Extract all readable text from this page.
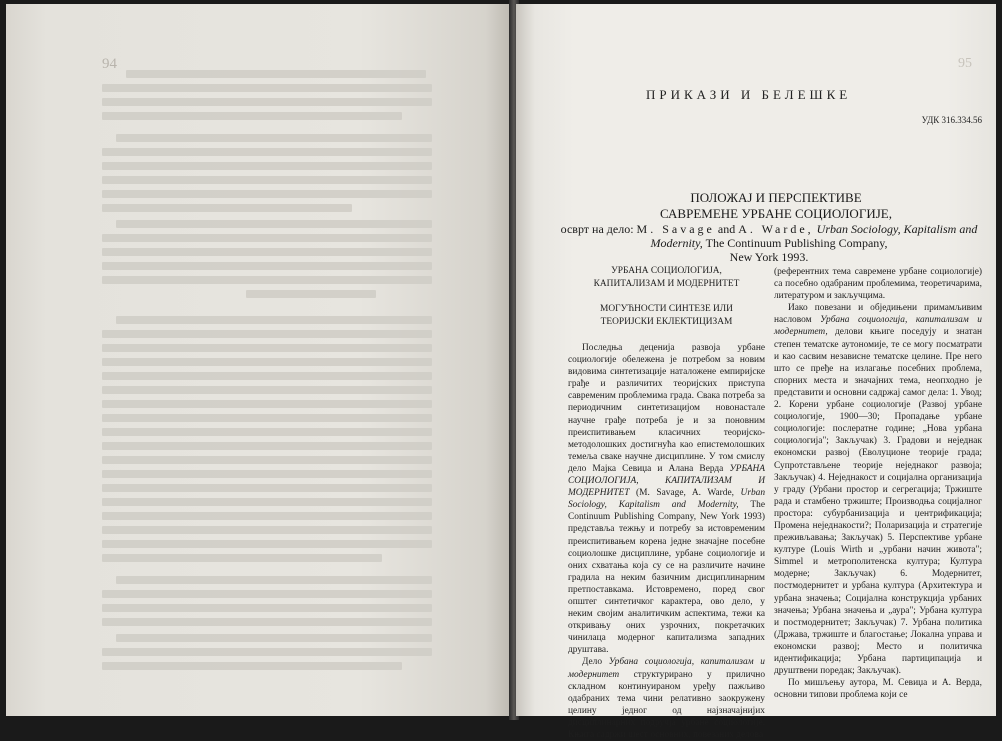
94	95
ПРИКАЗИ И БЕЛЕШКЕ
УДК 316.334.56
ПОЛОЖАЈ И ПЕРСПЕКТИВЕ
САВРЕМЕНЕ УРБАНЕ СОЦИОЛОГИЈЕ,
осврт на дело: M. Savage and A. Warde, Urban Sociology, Kapitalism and Modernity, The Continuum Publishing Company,
New York 1993.
УРБАНА СОЦИОЛОГИЈА,
КАПИТАЛИЗАМ И МОДЕРНИТЕТ
МОГУЋНОСТИ СИНТЕЗЕ ИЛИ
ТЕОРИЈСКИ ЕКЛЕКТИЦИЗАМ

Последња деценија развоја урбане социологије обележена је потребом за новим видовима синтетизације наталожене емпиријске грађе и различитих теоријских приступа савременим проблемима града. Свака потреба за периодичним синтетизацијом новонастале научне грађе потреба је и за поновним преиспитивањем класичних теоријско-методолошких достигнућа као епистемолошких темеља сваке научне дисциплине. У том смислу дело Мајка Севиџа и Алана Верда УРБАНА СОЦИОЛОГИЈА, КАПИТАЛИЗАМ И МОДЕРНИТЕТ (M. Savage, A. Warde, Urban Sociology, Kapitalism and Modernity, The Continuum Publishing Company, New York 1993) представља тежњу и потребу за истовременим преиспитивањем корена једне значајне посебне социолошке дисциплине, урбане социологије и оних схватања која су се на различите начине градила на неким базичним дисциплинарним претпоставкама. Истовремено, поред свог општег синтетичког карактера, ово дело, у неким својим аналитичким аспектима, тежи ка откривању оних узрочних, покретачких чинилаца модерног капитализма западних друштава.

Дело Урбана социологија, капитализам и модернитет структурирано у прилично складном континуираном уређу пажљиво одабраних тема чини релативно заокружену целину једног од најзначајнијих дисциплинарних подручја урбане социологије. Књига садржи шест основних, повезаних делова

(референтних тема савремене урбане социологије) са посебно одабраним проблемима, теоретичарима, литературом и закључцима.

Иако повезани и обједињени примамљивим насловом Урбана социологија, капитализам и модернитет, делови књиге поседују и знатан степен тематске аутономије, те се могу посматрати и као сасвим независне тематске целине. Пре него што се пређе на излагање посебних проблема, спорних места и значајних тема, неопходно је представити и основни садржај самог дела: 1. Увод; 2. Корени урбане социологије (Развој урбане социологије, 1900—30; Пропадање урбане социологије: послератне године; „Нова урбана социологија"; Закључак) 3. Градови и неједнак економски развој (Еволуционе теорије града; Супротстављене теорије неједнаког развоја; Закључак) 4. Неједнакост и социјална организација у граду (Урбани простор и сегрегација; Тржиште рада и стамбено тржиште; Производња социјалног простора: субурбанизација и џентрификација; Промена неједнакости?; Поларизација и стратегије преживљавања; Закључак) 5. Перспективе урбане културе (Louis Wirth и „урбани начин живота"; Simmel и метрополитенска култура; Култура модерне; Закључак) 6. Модернитет, постмодернитет и урбана култура (Архитектура и урбана значења; Социјална конструкција урбаних значења; Урбана значења и „аура"; Урбана култура и постмодернитет; Закључак) 7. Урбана политика (Држава, тржиште и благостање; Локална управа и економски развој; Место и политичка идентификација; Урбана партиципација и друштвени поредак; Закључак).

По мишљењу аутора, M. Севиџа и А. Верда, основни типови проблема који се
